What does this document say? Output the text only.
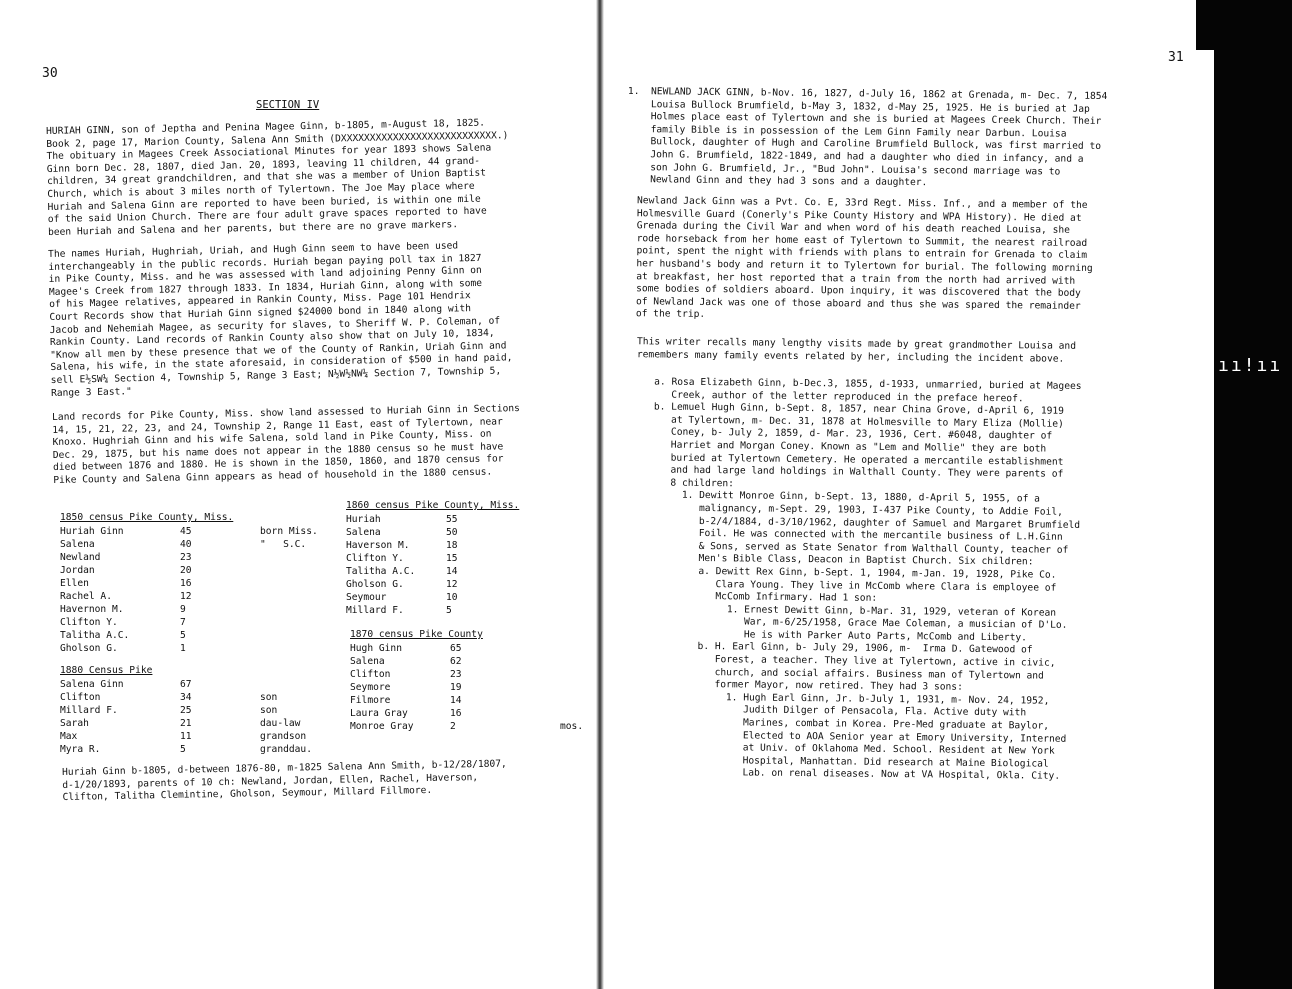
30
SECTION IV
HURIAH GINN, son of Jeptha and Penina Magee Ginn, b-1805, m-August 18, 1825.
Book 2, page 17, Marion County, Salena Ann Smith (DXXXXXXXXXXXXXXXXXXXXXXXXXXX.)
The obituary in Magees Creek Associational Minutes for year 1893 shows Salena
Ginn born Dec. 28, 1807, died Jan. 20, 1893, leaving 11 children, 44 grand-
children, 34 great grandchildren, and that she was a member of Union Baptist
Church, which is about 3 miles north of Tylertown. The Joe May place where
Huriah and Salena Ginn are reported to have been buried, is within one mile
of the said Union Church. There are four adult grave spaces reported to have
been Huriah and Salena and her parents, but there are no grave markers.
The names Huriah, Hughriah, Uriah, and Hugh Ginn seem to have been used
interchangeably in the public records. Huriah began paying poll tax in 1827
in Pike County, Miss. and he was assessed with land adjoining Penny Ginn on
Magee's Creek from 1827 through 1833. In 1834, Huriah Ginn, along with some
of his Magee relatives, appeared in Rankin County, Miss. Page 101 Hendrix
Court Records show that Huriah Ginn signed $24000 bond in 1840 along with
Jacob and Nehemiah Magee, as security for slaves, to Sheriff W. P. Coleman, of
Rankin County. Land records of Rankin County also show that on July 10, 1834,
"Know all men by these presence that we of the County of Rankin, Uriah Ginn and
Salena, his wife, in the state aforesaid, in consideration of $500 in hand paid,
sell E½SW¼ Section 4, Township 5, Range 3 East; N½W½NW¼ Section 7, Township 5,
Range 3 East."
Land records for Pike County, Miss. show land assessed to Huriah Ginn in Sections
14, 15, 21, 22, 23, and 24, Township 2, Range 11 East, east of Tylertown, near
Knoxo. Hughriah Ginn and his wife Salena, sold land in Pike County, Miss. on
Dec. 29, 1875, but his name does not appear in the 1880 census so he must have
died between 1876 and 1880. He is shown in the 1850, 1860, and 1870 census for
Pike County and Salena Ginn appears as head of household in the 1880 census.
1850 census Pike County, Miss.
Huriah Ginn	45	born Miss.
Salena	40	"   S.C.
Newland	23
Jordan	20
Ellen	16
Rachel A.	12
Havernon M.	9
Clifton Y.	7
Talitha A.C.	5
Gholson G.	1
1880 Census Pike
Salena Ginn	67
Clifton	34	son
Millard F.	25	son
Sarah	21	dau-law
Max	11	grandson
Myra R.	5	granddau.
1860 census Pike County, Miss.
Huriah	55
Salena	50
Haverson M.	18
Clifton Y.	15
Talitha A.C.	14
Gholson G.	12
Seymour	10
Millard F.	5
1870 census Pike County
Hugh Ginn	65
Salena	62
Clifton	23
Seymore	19
Filmore	14
Laura Gray	16
Monroe Gray	2	mos.
Huriah Ginn b-1805, d-between 1876-80, m-1825 Salena Ann Smith, b-12/28/1807,
d-1/20/1893, parents of 10 ch: Newland, Jordan, Ellen, Rachel, Haverson,
Clifton, Talitha Clemintine, Gholson, Seymour, Millard Fillmore.
31
1.  NEWLAND JACK GINN, b-Nov. 16, 1827, d-July 16, 1862 at Grenada, m- Dec. 7, 1854
Louisa Bullock Brumfield, b-May 3, 1832, d-May 25, 1925. He is buried at Jap
Holmes place east of Tylertown and she is buried at Magees Creek Church. Their
family Bible is in possession of the Lem Ginn Family near Darbun. Louisa
Bullock, daughter of Hugh and Caroline Brumfield Bullock, was first married to
John G. Brumfield, 1822-1849, and had a daughter who died in infancy, and a
son John G. Brumfield, Jr., "Bud John". Louisa's second marriage was to
Newland Ginn and they had 3 sons and a daughter.
Newland Jack Ginn was a Pvt. Co. E, 33rd Regt. Miss. Inf., and a member of the
Holmesville Guard (Conerly's Pike County History and WPA History). He died at
Grenada during the Civil War and when word of his death reached Louisa, she
rode horseback from her home east of Tylertown to Summit, the nearest railroad
point, spent the night with friends with plans to entrain for Grenada to claim
her husband's body and return it to Tylertown for burial. The following morning
at breakfast, her host reported that a train from the north had arrived with
some bodies of soldiers aboard. Upon inquiry, it was discovered that the body
of Newland Jack was one of those aboard and thus she was spared the remainder
of the trip.
This writer recalls many lengthy visits made by great grandmother Louisa and
remembers many family events related by her, including the incident above.
a. Rosa Elizabeth Ginn, b-Dec.3, 1855, d-1933, unmarried, buried at Magees
Creek, author of the letter reproduced in the preface hereof.
b. Lemuel Hugh Ginn, b-Sept. 8, 1857, near China Grove, d-April 6, 1919
at Tylertown, m- Dec. 31, 1878 at Holmesville to Mary Eliza (Mollie)
Coney, b- July 2, 1859, d- Mar. 23, 1936, Cert. #6048, daughter of
Harriet and Morgan Coney. Known as "Lem and Mollie" they are both
buried at Tylertown Cemetery. He operated a mercantile establishment
and had large land holdings in Walthall County. They were parents of
8 children:
1. Dewitt Monroe Ginn, b-Sept. 13, 1880, d-April 5, 1955, of a
malignancy, m-Sept. 29, 1903, I-437 Pike County, to Addie Foil,
b-2/4/1884, d-3/10/1962, daughter of Samuel and Margaret Brumfield
Foil. He was connected with the mercantile business of L.H.Ginn
& Sons, served as State Senator from Walthall County, teacher of
Men's Bible Class, Deacon in Baptist Church. Six children:
a. Dewitt Rex Ginn, b-Sept. 1, 1904, m-Jan. 19, 1928, Pike Co.
Clara Young. They live in McComb where Clara is employee of
McComb Infirmary. Had 1 son:
1. Ernest Dewitt Ginn, b-Mar. 31, 1929, veteran of Korean
War, m-6/25/1958, Grace Mae Coleman, a musician of D'Lo.
He is with Parker Auto Parts, McComb and Liberty.
b. H. Earl Ginn, b- July 29, 1906, m-  Irma D. Gatewood of
Forest, a teacher. They live at Tylertown, active in civic,
church, and social affairs. Business man of Tylertown and
former Mayor, now retired. They had 3 sons:
1. Hugh Earl Ginn, Jr. b-July 1, 1931, m- Nov. 24, 1952,
Judith Dilger of Pensacola, Fla. Active duty with
Marines, combat in Korea. Pre-Med graduate at Baylor,
Elected to AOA Senior year at Emory University, Interned
at Univ. of Oklahoma Med. School. Resident at New York
Hospital, Manhattan. Did research at Maine Biological
Lab. on renal diseases. Now at VA Hospital, Okla. City.
ıı!ıı
